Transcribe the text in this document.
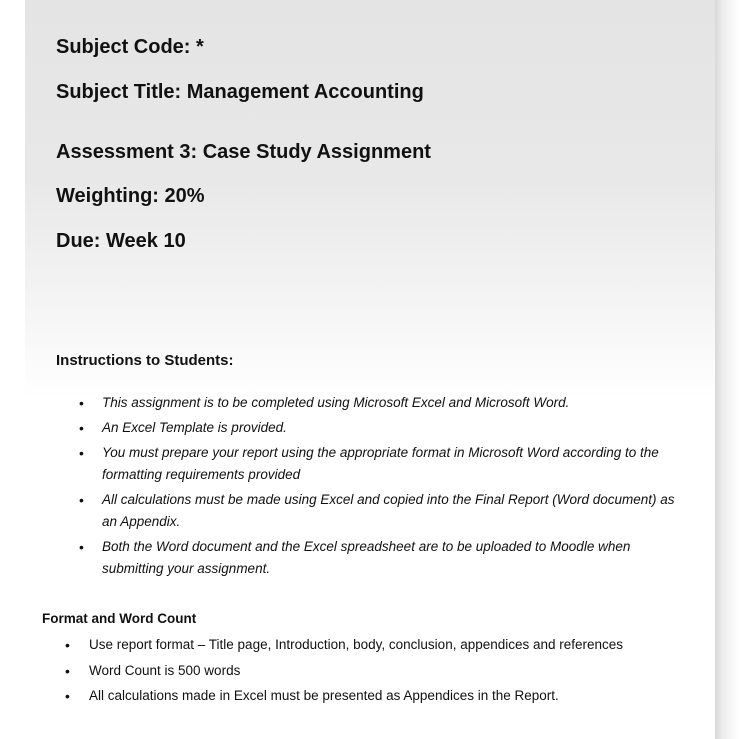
Subject Code: *
Subject Title: Management Accounting
Assessment 3: Case Study Assignment
Weighting: 20%
Due: Week 10
Instructions to Students:
• This assignment is to be completed using Microsoft Excel and Microsoft Word.
• An Excel Template is provided.
• You must prepare your report using the appropriate format in Microsoft Word according to the formatting requirements provided
• All calculations must be made using Excel and copied into the Final Report (Word document) as an Appendix.
• Both the Word document and the Excel spreadsheet are to be uploaded to Moodle when submitting your assignment.
Format and Word Count
• Use report format – Title page, Introduction, body, conclusion, appendices and references
• Word Count is 500 words
• All calculations made in Excel must be presented as Appendices in the Report.
